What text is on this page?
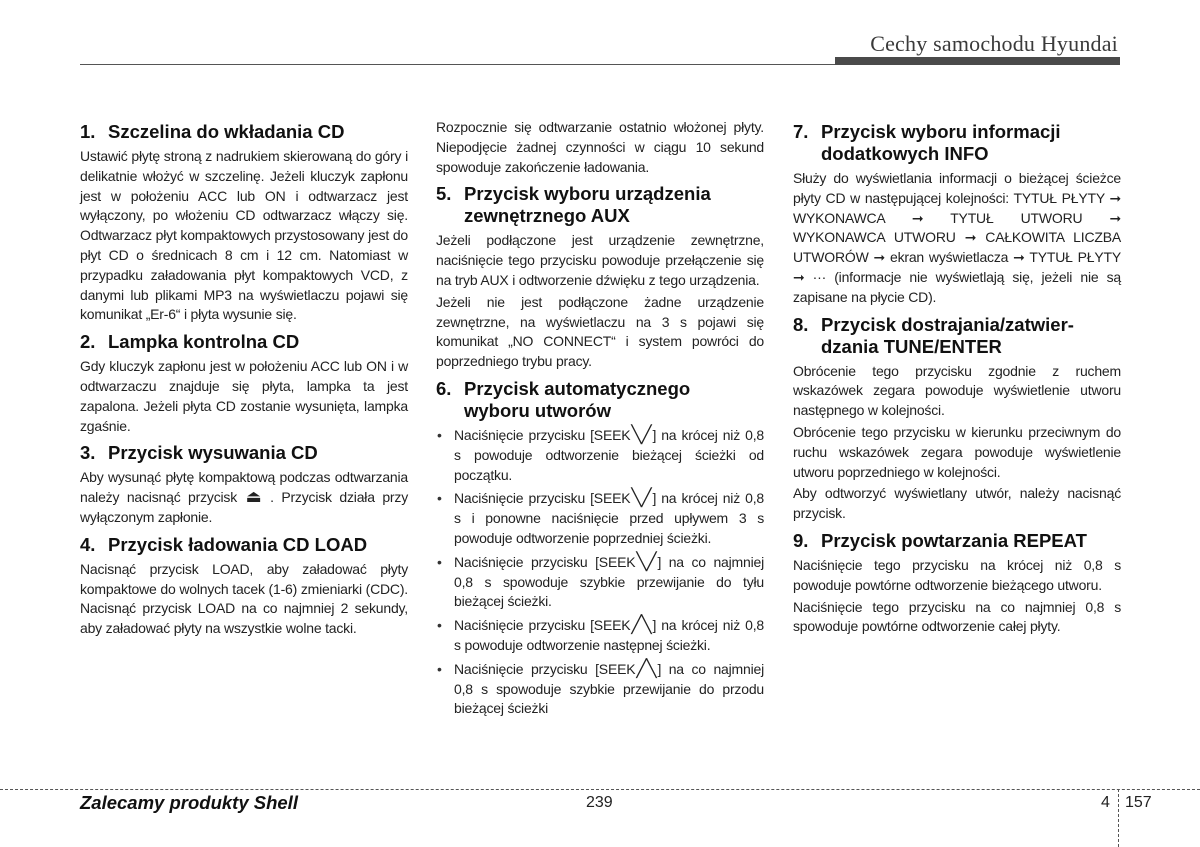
Cechy samochodu Hyundai
1. Szczelina do wkładania CD

Ustawić płytę stroną z nadrukiem skierowaną do góry i delikatnie włożyć w szczelinę. Jeżeli kluczyk zapłonu jest w położeniu ACC lub ON i odtwarzacz jest wyłączony, po włożeniu CD odtwarzacz włączy się. Odtwarzacz płyt kompaktowych przystosowany jest do płyt CD o średnicach 8 cm i 12 cm. Natomiast w przypadku załadowania płyt kompaktowych VCD, z danymi lub plikami MP3 na wyświetlaczu pojawi się komunikat „Er-6“ i płyta wysunie się.

2. Lampka kontrolna CD

Gdy kluczyk zapłonu jest w położeniu ACC lub ON i w odtwarzaczu znajduje się płyta, lampka ta jest zapalona. Jeżeli płyta CD zostanie wysunięta, lampka zgaśnie.

3. Przycisk wysuwania CD

Aby wysunąć płytę kompaktową podczas odtwarzania należy nacisnąć przycisk ⏏ . Przycisk działa przy wyłączonym zapłonie.

4. Przycisk ładowania CD LOAD

Nacisnąć przycisk LOAD, aby załadować płyty kompaktowe do wolnych tacek (1-6) zmieniarki (CDC). Nacisnąć przycisk LOAD na co najmniej 2 sekundy, aby załadować płyty na wszystkie wolne tacki.

Rozpocznie się odtwarzanie ostatnio włożonej płyty. Niepodjęcie żadnej czynności w ciągu 10 sekund spowoduje zakończenie ładowania.

5. Przycisk wyboru urządzenia
zewnętrznego AUX

Jeżeli podłączone jest urządzenie zewnętrzne, naciśnięcie tego przycisku powoduje przełączenie się na tryb AUX i odtworzenie dźwięku z tego urządzenia.

Jeżeli nie jest podłączone żadne urządzenie zewnętrzne, na wyświetlaczu na 3 s pojawi się komunikat „NO CONNECT“ i system powróci do poprzedniego trybu pracy.

6. Przycisk automatycznego
wyboru utworów
• Naciśnięcie przycisku [SEEK╲╱] na krócej niż 0,8 s powoduje odtworzenie bieżącej ścieżki od początku.
• Naciśnięcie przycisku [SEEK╲╱] na krócej niż 0,8 s i ponowne naciśnięcie przed upływem 3 s powoduje odtworzenie poprzedniej ścieżki.
• Naciśnięcie przycisku [SEEK╲╱] na co najmniej 0,8 s spowoduje szybkie przewijanie do tyłu bieżącej ścieżki.
• Naciśnięcie przycisku [SEEK╱╲] na krócej niż 0,8 s powoduje odtworzenie następnej ścieżki.
• Naciśnięcie przycisku [SEEK╱╲] na co najmniej 0,8 s spowoduje szybkie przewijanie do przodu bieżącej ścieżki
7. Przycisk wyboru informacji
dodatkowych INFO

Służy do wyświetlania informacji o bieżącej ścieżce płyty CD w następującej kolejności: TYTUŁ PŁYTY ➞ WYKONAWCA ➞ TYTUŁ UTWORU ➞ WYKONAWCA UTWORU ➞ CAŁKOWITA LICZBA UTWORÓW ➞ ekran wyświetlacza ➞ TYTUŁ PŁYTY ➞ ··· (informacje nie wyświetlają się, jeżeli nie są zapisane na płycie CD).

8. Przycisk dostrajania/zatwier-
dzania TUNE/ENTER

Obrócenie tego przycisku zgodnie z ruchem wskazówek zegara powoduje wyświetlenie utworu następnego w kolejności.

Obrócenie tego przycisku w kierunku przeciwnym do ruchu wskazówek zegara powoduje wyświetlenie utworu poprzedniego w kolejności.

Aby odtworzyć wyświetlany utwór, należy nacisnąć przycisk.

9. Przycisk powtarzania REPEAT

Naciśnięcie tego przycisku na krócej niż 0,8 s powoduje powtórne odtworzenie bieżącego utworu.

Naciśnięcie tego przycisku na co najmniej 0,8 s spowoduje powtórne odtworzenie całej płyty.

Zalecamy produkty Shell	239	4 157
